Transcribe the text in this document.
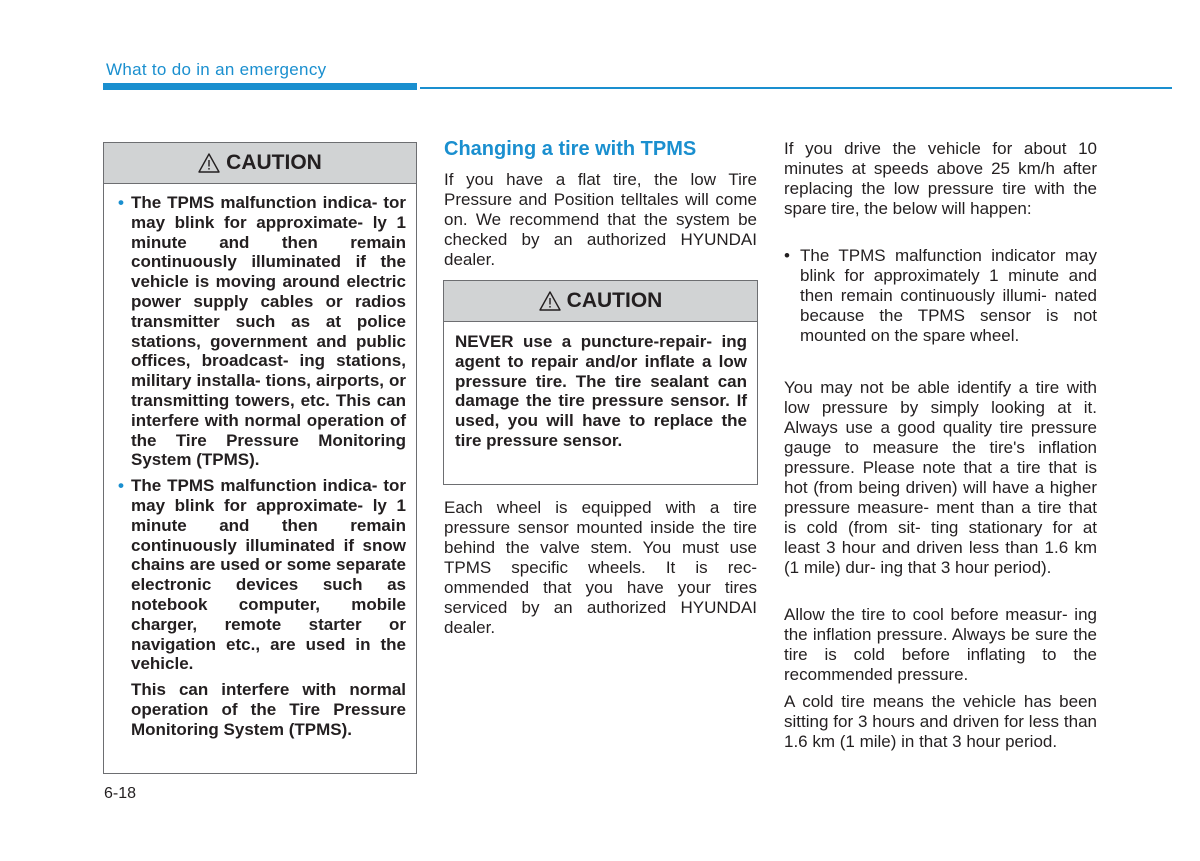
What to do in an emergency
CAUTION
• The TPMS malfunction indica- tor may blink for approximate- ly 1 minute and then remain continuously illuminated if the vehicle is moving around electric power supply cables or radios transmitter such as at police stations, government and public offices, broadcast- ing stations, military installa- tions, airports, or transmitting towers, etc. This can interfere with normal operation of the Tire Pressure Monitoring System (TPMS).
• The TPMS malfunction indica- tor may blink for approximate- ly 1 minute and then remain continuously illuminated if snow chains are used or some separate electronic devices such as notebook computer, mobile charger, remote starter or navigation etc., are used in the vehicle.
This can interfere with normal operation of the Tire Pressure Monitoring System (TPMS).
Changing a tire with TPMS

If you have a flat tire, the low Tire Pressure and Position telltales will come on. We recommend that the system be checked by an authorized HYUNDAI dealer.

CAUTION
NEVER use a puncture-repair- ing agent to repair and/or inflate a low pressure tire. The tire sealant can damage the tire pressure sensor. If used, you will have to replace the tire pressure sensor.

Each wheel is equipped with a tire pressure sensor mounted inside the tire behind the valve stem. You must use TPMS specific wheels. It is rec- ommended that you have your tires serviced by an authorized HYUNDAI dealer.

If you drive the vehicle for about 10 minutes at speeds above 25 km/h after replacing the low pressure tire with the spare tire, the below will happen:

• The TPMS malfunction indicator may blink for approximately 1 minute and then remain continuously illumi- nated because the TPMS sensor is not mounted on the spare wheel.

You may not be able identify a tire with low pressure by simply looking at it. Always use a good quality tire pressure gauge to measure the tire's inflation pressure. Please note that a tire that is hot (from being driven) will have a higher pressure measure- ment than a tire that is cold (from sit- ting stationary for at least 3 hour and driven less than 1.6 km (1 mile) dur- ing that 3 hour period).

Allow the tire to cool before measur- ing the inflation pressure. Always be sure the tire is cold before inflating to the recommended pressure.

A cold tire means the vehicle has been sitting for 3 hours and driven for less than 1.6 km (1 mile) in that 3 hour period.

6-18
